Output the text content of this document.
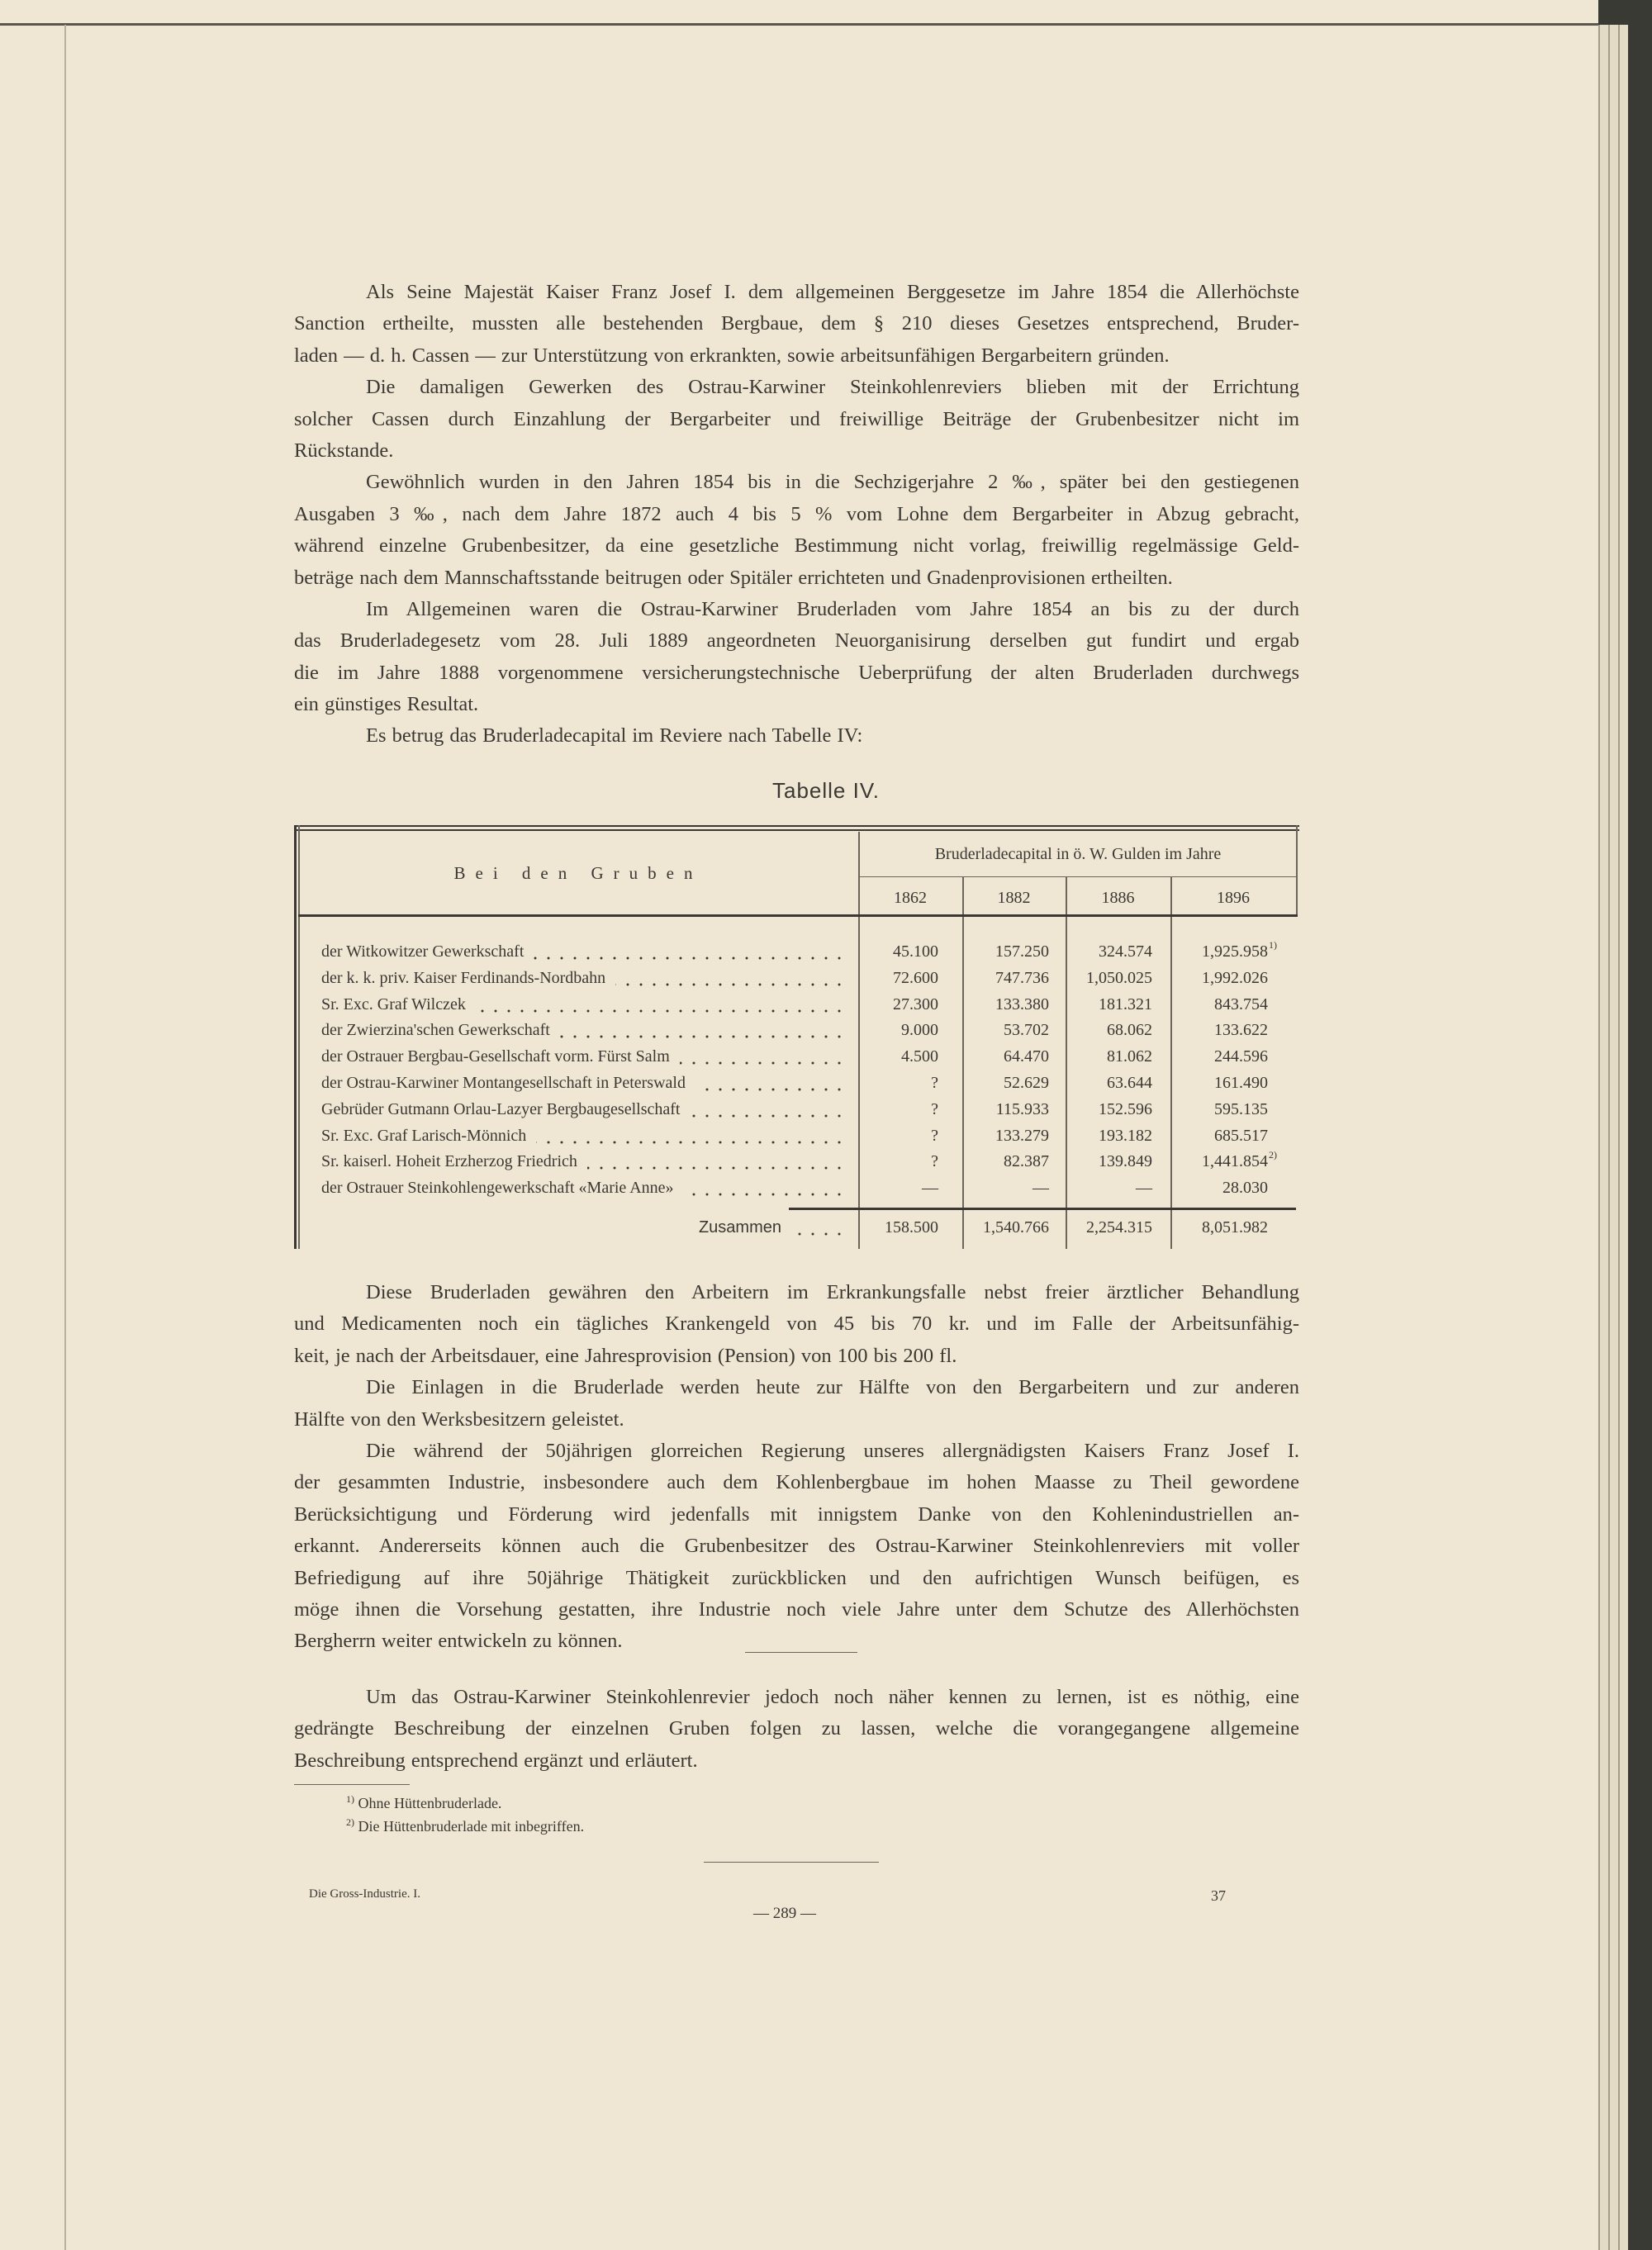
Als Seine Majestät Kaiser Franz Josef I. dem allgemeinen Berggesetze im Jahre 1854 die Allerhöchste
Sanction ertheilte, mussten alle bestehenden Bergbaue, dem § 210 dieses Gesetzes entsprechend, Bruder-
laden — d. h. Cassen — zur Unterstützung von erkrankten, sowie arbeitsunfähigen Bergarbeitern gründen.
Die damaligen Gewerken des Ostrau-Karwiner Steinkohlenreviers blieben mit der Errichtung
solcher Cassen durch Einzahlung der Bergarbeiter und freiwillige Beiträge der Grubenbesitzer nicht im
Rückstande.
Gewöhnlich wurden in den Jahren 1854 bis in die Sechzigerjahre 2 ‰, später bei den gestiegenen
Ausgaben 3 ‰, nach dem Jahre 1872 auch 4 bis 5 % vom Lohne dem Bergarbeiter in Abzug gebracht,
während einzelne Grubenbesitzer, da eine gesetzliche Bestimmung nicht vorlag, freiwillig regelmässige Geld-
beträge nach dem Mannschaftsstande beitrugen oder Spitäler errichteten und Gnadenprovisionen ertheilten.
Im Allgemeinen waren die Ostrau-Karwiner Bruderladen vom Jahre 1854 an bis zu der durch
das Bruderladegesetz vom 28. Juli 1889 angeordneten Neuorganisirung derselben gut fundirt und ergab
die im Jahre 1888 vorgenommene versicherungstechnische Ueberprüfung der alten Bruderladen durchwegs
ein günstiges Resultat.
Es betrug das Bruderladecapital im Reviere nach Tabelle IV:
Tabelle IV.
Bei den Gruben
Bruderladecapital in ö. W. Gulden im Jahre
1862	1882	1886	1896
der Witkowitzer Gewerkschaft	45.100	157.250	324.574	1,925.958 1)
der k. k. priv. Kaiser Ferdinands-Nordbahn	72.600	747.736	1,050.025	1,992.026
Sr. Exc. Graf Wilczek	27.300	133.380	181.321	843.754
der Zwierzina'schen Gewerkschaft	9.000	53.702	68.062	133.622
der Ostrauer Bergbau-Gesellschaft vorm. Fürst Salm	4.500	64.470	81.062	244.596
der Ostrau-Karwiner Montangesellschaft in Peterswald	?	52.629	63.644	161.490
Gebrüder Gutmann Orlau-Lazyer Bergbaugesellschaft	?	115.933	152.596	595.135
Sr. Exc. Graf Larisch-Mönnich	?	133.279	193.182	685.517
Sr. kaiserl. Hoheit Erzherzog Friedrich	?	82.387	139.849	1,441.854 2)
der Ostrauer Steinkohlengewerkschaft «Marie Anne»	—	—	—	28.030
Zusammen	158.500	1,540.766	2,254.315	8,051.982
Diese Bruderladen gewähren den Arbeitern im Erkrankungsfalle nebst freier ärztlicher Behandlung
und Medicamenten noch ein tägliches Krankengeld von 45 bis 70 kr. und im Falle der Arbeitsunfähig-
keit, je nach der Arbeitsdauer, eine Jahresprovision (Pension) von 100 bis 200 fl.
Die Einlagen in die Bruderlade werden heute zur Hälfte von den Bergarbeitern und zur anderen
Hälfte von den Werksbesitzern geleistet.
Die während der 50jährigen glorreichen Regierung unseres allergnädigsten Kaisers Franz Josef I.
der gesammten Industrie, insbesondere auch dem Kohlenbergbaue im hohen Maasse zu Theil gewordene
Berücksichtigung und Förderung wird jedenfalls mit innigstem Danke von den Kohlenindustriellen an-
erkannt. Andererseits können auch die Grubenbesitzer des Ostrau-Karwiner Steinkohlenreviers mit voller
Befriedigung auf ihre 50jährige Thätigkeit zurückblicken und den aufrichtigen Wunsch beifügen, es
möge ihnen die Vorsehung gestatten, ihre Industrie noch viele Jahre unter dem Schutze des Allerhöchsten
Bergherrn weiter entwickeln zu können.
Um das Ostrau-Karwiner Steinkohlenrevier jedoch noch näher kennen zu lernen, ist es nöthig, eine
gedrängte Beschreibung der einzelnen Gruben folgen zu lassen, welche die vorangegangene allgemeine
Beschreibung entsprechend ergänzt und erläutert.
$^{1)}$ Ohne Hüttenbruderlade.
$^{2)}$ Die Hüttenbruderlade mit inbegriffen.
Die Gross-Industrie. I.	37
— 289 —
